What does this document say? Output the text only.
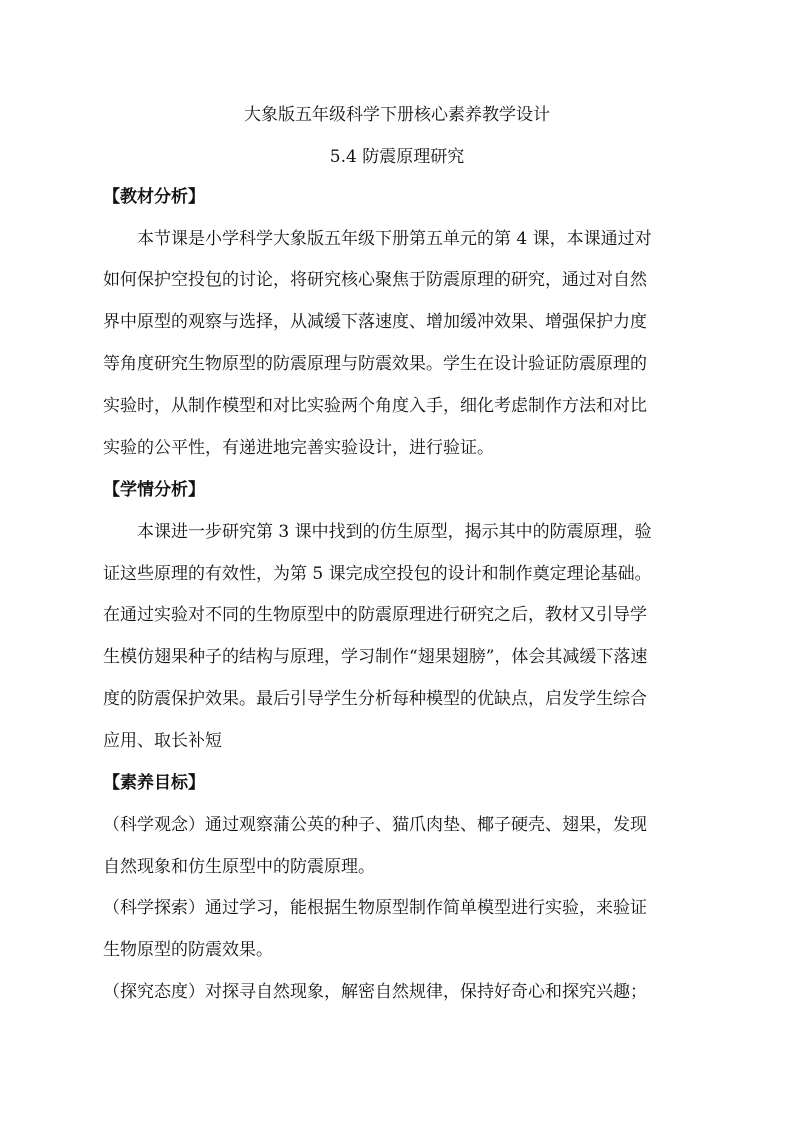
大象版五年级科学下册核心素养教学设计
5.4 防震原理研究
【教材分析】
本节课是小学科学大象版五年级下册第五单元的第 4 课，本课通过对
如何保护空投包的讨论，将研究核心聚焦于防震原理的研究，通过对自然
界中原型的观察与选择，从减缓下落速度、增加缓冲效果、增强保护力度
等角度研究生物原型的防震原理与防震效果。学生在设计验证防震原理的
实验时，从制作模型和对比实验两个角度入手，细化考虑制作方法和对比
实验的公平性，有递进地完善实验设计，进行验证。
【学情分析】
本课进一步研究第 3 课中找到的仿生原型，揭示其中的防震原理，验
证这些原理的有效性，为第 5 课完成空投包的设计和制作奠定理论基础。
在通过实验对不同的生物原型中的防震原理进行研究之后，教材又引导学
生模仿翅果种子的结构与原理，学习制作“翅果翅膀”，体会其减缓下落速
度的防震保护效果。最后引导学生分析每种模型的优缺点，启发学生综合
应用、取长补短
【素养目标】
（科学观念）通过观察蒲公英的种子、猫爪肉垫、椰子硬壳、翅果，发现
自然现象和仿生原型中的防震原理。
（科学探索）通过学习，能根据生物原型制作简单模型进行实验，来验证
生物原型的防震效果。
（探究态度）对探寻自然现象，解密自然规律，保持好奇心和探究兴趣；
